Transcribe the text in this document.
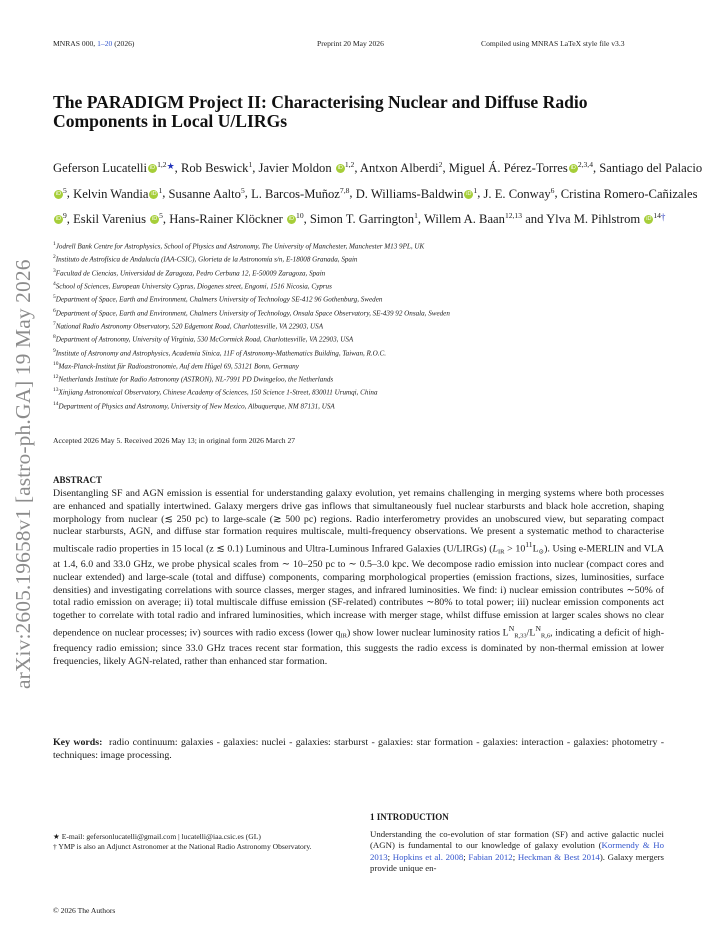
MNRAS 000, 1–20 (2026)	Preprint 20 May 2026	Compiled using MNRAS LaTeX style file v3.3
arXiv:2605.19658v1 [astro-ph.GA] 19 May 2026
The PARADIGM Project II: Characterising Nuclear and Diffuse Radio
Components in Local U/LIRGs
Geferson Lucatelli iD $^{1,2★}$, Rob Beswick$^1$, Javier Moldon iD $^{1,2}$, Antxon Alberdi$^2$, Miguel Á. Pérez-Torres iD $^{2,3,4}$, Santiago del PalacioiD $^5$, Kelvin Wandia iD $^1$, Susanne Aalto$^5$, L. Barcos-Muñoz$^{7,8}$, D. Williams-Baldwin iD $^1$, J. E. Conway$^6$, Cristina Romero-Cañizales iD $^9$, Eskil Varenius iD $^5$, Hans-Rainer Klöckner iD $^{10}$, Simon T. Garrington$^1$, Willem A. Baan$^{12,13}$ and Ylva M. Pihlstrom iD $^{14\dagger}$
$^1$Jodrell Bank Centre for Astrophysics, School of Physics and Astronomy, The University of Manchester, Manchester M13 9PL, UK
$^2$Instituto de Astrofísica de Andalucía (IAA-CSIC), Glorieta de la Astronomía s/n, E-18008 Granada, Spain
$^3$Facultad de Ciencias, Universidad de Zaragoza, Pedro Cerbuna 12, E-50009 Zaragoza, Spain
$^4$School of Sciences, European University Cyprus, Diogenes street, Engomi, 1516 Nicosia, Cyprus
$^5$Department of Space, Earth and Environment, Chalmers University of Technology SE-412 96 Gothenburg, Sweden
$^6$Department of Space, Earth and Environment, Chalmers University of Technology, Onsala Space Observatory, SE-439 92 Onsala, Sweden
$^7$National Radio Astronomy Observatory, 520 Edgemont Road, Charlottesville, VA 22903, USA
$^8$Department of Astronomy, University of Virginia, 530 McCormick Road, Charlottesville, VA 22903, USA
$^9$Institute of Astronomy and Astrophysics, Academia Sinica, 11F of Astronomy-Mathematics Building, Taiwan, R.O.C.
$^{10}$Max-Planck-Institut für Radioastronomie, Auf dem Hügel 69, 53121 Bonn, Germany
$^{12}$Netherlands Institute for Radio Astronomy (ASTRON), NL-7991 PD Dwingeloo, the Netherlands
$^{13}$Xinjiang Astronomical Observatory, Chinese Academy of Sciences, 150 Science 1-Street, 830011 Urumqi, China
$^{14}$Department of Physics and Astronomy, University of New Mexico, Albuquerque, NM 87131, USA
Accepted 2026 May 5. Received 2026 May 13; in original form 2026 March 27
ABSTRACT
Disentangling SF and AGN emission is essential for understanding galaxy evolution, yet remains challenging in merging systems where both processes are enhanced and spatially intertwined. Galaxy mergers drive gas inflows that simultaneously fuel nuclear starbursts and black hole accretion, shaping morphology from nuclear (≲ 250 pc) to large-scale (≳ 500 pc) regions. Radio interferometry provides an unobscured view, but separating compact nuclear starbursts, AGN, and diffuse star formation requires multiscale, multi-frequency observations. We present a systematic method to characterise multiscale radio properties in 15 local (z ≲ 0.1) Luminous and Ultra-Luminous Infrared Galaxies (U/LIRGs) $(L_{IR} > 10^{11}L_⊙)$. Using e-MERLIN and VLA at 1.4, 6.0 and 33.0 GHz, we probe physical scales from ∼ 10–250 pc to ∼ 0.5–3.0 kpc. We decompose radio emission into nuclear (compact cores and nuclear extended) and large-scale (total and diffuse) components, comparing morphological properties (emission fractions, sizes, luminosities, surface densities) and investigating correlations with source classes, merger stages, and infrared luminosities. We find: i) nuclear emission contributes ∼50% of total radio emission on average; ii) total multiscale diffuse emission (SF-related) contributes ∼80% to total power; iii) nuclear emission components act together to correlate with total radio and infrared luminosities, which increase with merger stage, whilst diffuse emission at larger scales shows no clear dependence on nuclear processes; iv) sources with radio excess (lower $q_{IR}$) show lower nuclear luminosity ratios $L^N_{R,33}/L^N_{R,6}$, indicating a deficit of high-frequency radio emission; since 33.0 GHz traces recent star formation, this suggests the radio excess is dominated by non-thermal emission at lower frequencies, likely AGN-related, rather than enhanced star formation.
Key words: radio continuum: galaxies - galaxies: nuclei - galaxies: starburst - galaxies: star formation - galaxies: interaction - galaxies: photometry - techniques: image processing.
★ E-mail: gefersonlucatelli@gmail.com | lucatelli@iaa.csic.es (GL)
† YMP is also an Adjunct Astronomer at the National Radio Astronomy Observatory.
1 INTRODUCTION
Understanding the co-evolution of star formation (SF) and active galactic nuclei (AGN) is fundamental to our knowledge of galaxy evolution (Kormendy & Ho 2013; Hopkins et al. 2008; Fabian 2012; Heckman & Best 2014). Galaxy mergers provide unique en-
© 2026 The Authors
